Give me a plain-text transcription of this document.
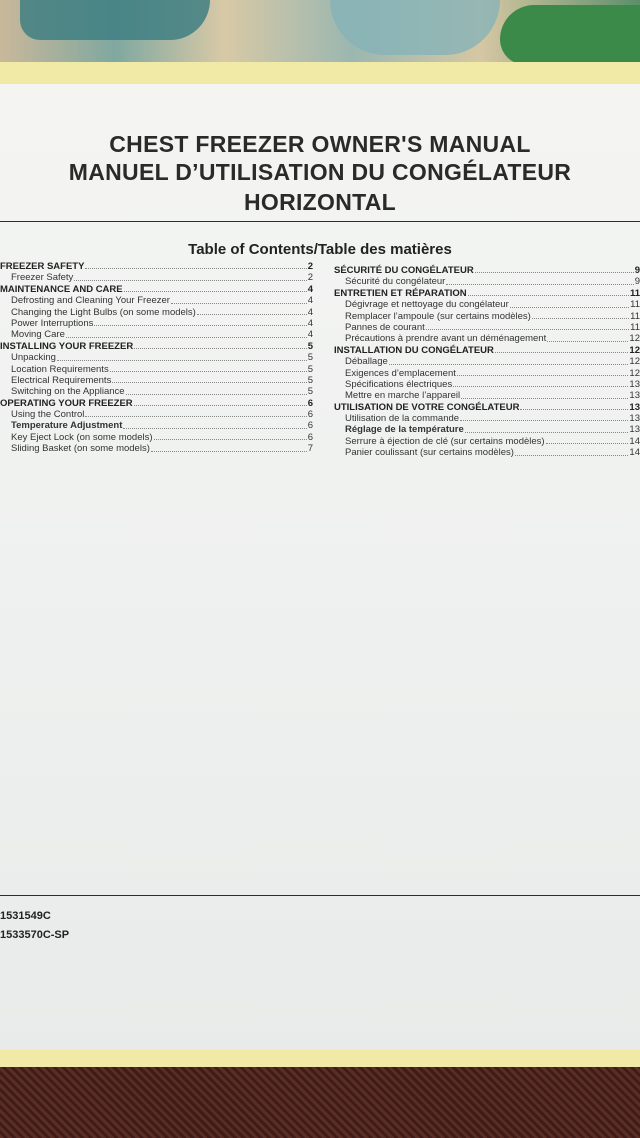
CHEST FREEZER OWNER'S MANUAL
MANUEL D’UTILISATION DU CONGÉLATEUR
HORIZONTAL
Table of Contents/Table des matières
FREEZER SAFETY	2
Freezer Safety	2
MAINTENANCE AND CARE	4
Defrosting and Cleaning Your Freezer	4
Changing the Light Bulbs (on some models)	4
Power Interruptions	4
Moving Care	4
INSTALLING YOUR FREEZER	5
Unpacking	5
Location Requirements	5
Electrical Requirements	5
Switching on the Appliance	5
OPERATING YOUR FREEZER	6
Using the Control	6
Temperature Adjustment	6
Key Eject Lock (on some models)	6
Sliding Basket (on some models)	7
SÉCURITÉ DU CONGÉLATEUR	9
Sécurité du congélateur	9
ENTRETIEN ET RÉPARATION	11
Dégivrage et nettoyage du congélateur	11
Remplacer l’ampoule (sur certains modèles)	11
Pannes de courant	11
Précautions à prendre avant un déménagement	12
INSTALLATION DU CONGÉLATEUR	12
Déballage	12
Exigences d’emplacement	12
Spécifications électriques	13
Mettre en marche l’appareil	13
UTILISATION DE VOTRE CONGÉLATEUR	13
Utilisation de la commande	13
Réglage de la température	13
Serrure à éjection de clé (sur certains modèles)	14
Panier coulissant (sur certains modèles)	14
1531549C
1533570C-SP
